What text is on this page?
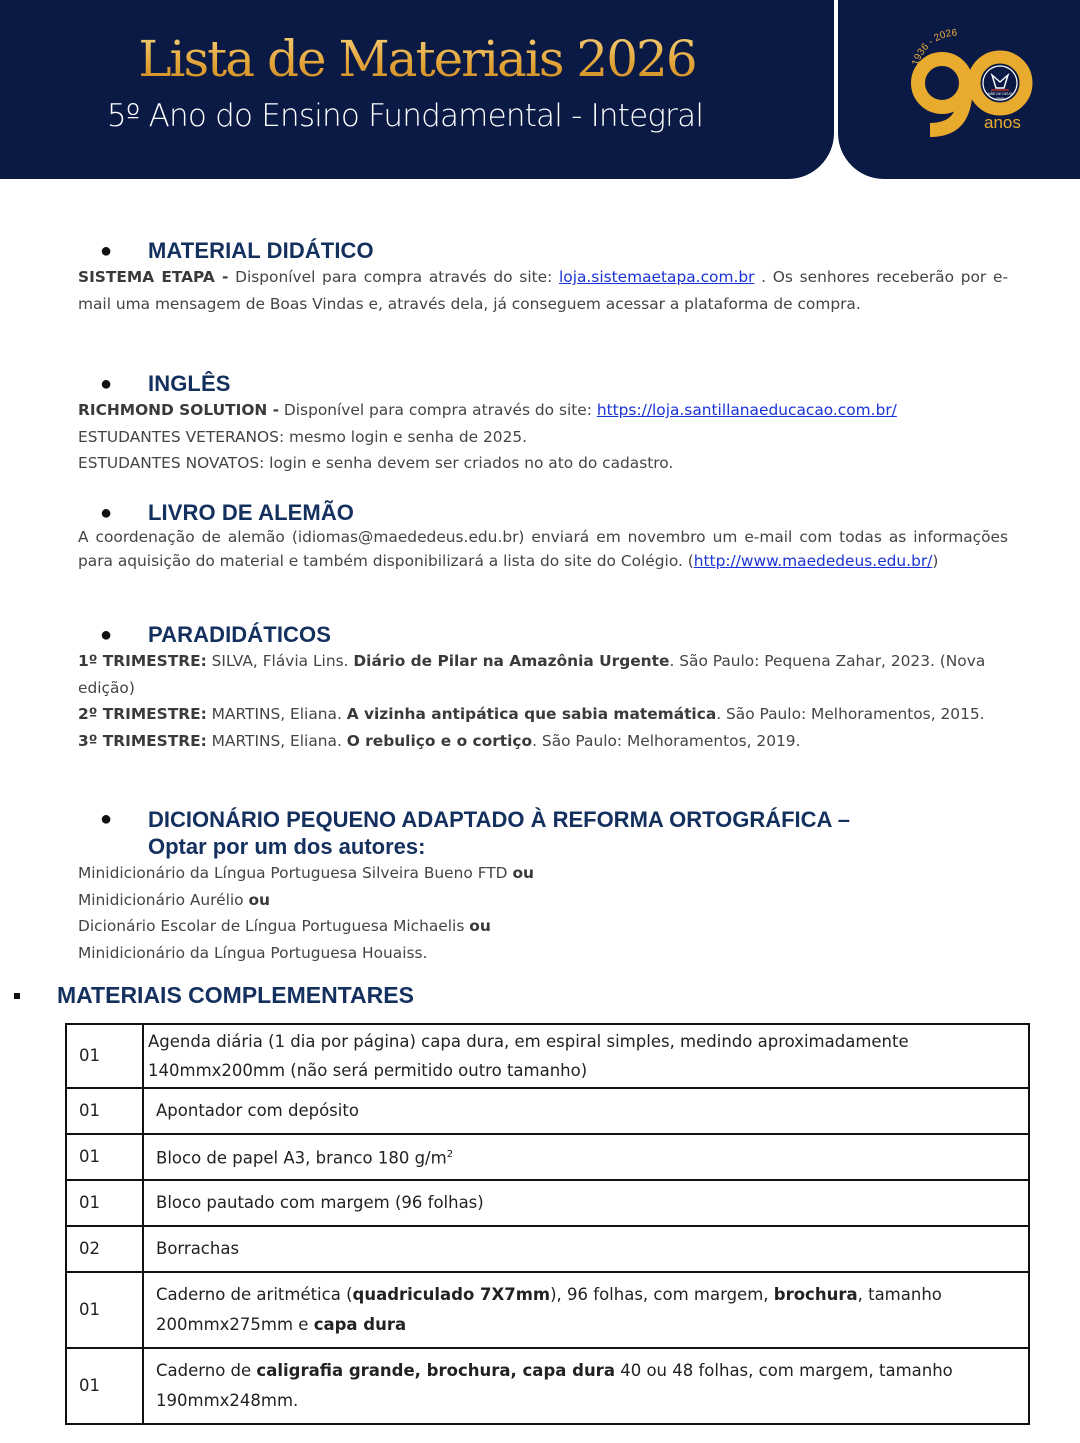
Lista de Materiais 2026
5º Ano do Ensino Fundamental - Integral
1936 - 2026
MÃE DE DEUS
colégio
anos
●	MATERIAL DIDÁTICO

SISTEMA ETAPA - Disponível para compra através do site: loja.sistemaetapa.com.br . Os senhores receberão por e-mail uma mensagem de Boas Vindas e, através dela, já conseguem acessar a plataforma de compra.

●	INGLÊS

RICHMOND SOLUTION - Disponível para compra através do site: https://loja.santillanaeducacao.com.br/
ESTUDANTES VETERANOS: mesmo login e senha de 2025.
ESTUDANTES NOVATOS: login e senha devem ser criados no ato do cadastro.

●	LIVRO DE ALEMÃO

A coordenação de alemão (idiomas@maededeus.edu.br) enviará em novembro um e-mail com todas as informações para aquisição do material e também disponibilizará a lista do site do Colégio. (http://www.maededeus.edu.br/)

●	PARADIDÁTICOS

1º TRIMESTRE: SILVA, Flávia Lins. Diário de Pilar na Amazônia Urgente. São Paulo: Pequena Zahar, 2023. (Nova edição)

2º TRIMESTRE: MARTINS, Eliana. A vizinha antipática que sabia matemática. São Paulo: Melhoramentos, 2015.

3º TRIMESTRE: MARTINS, Eliana. O rebuliço e o cortiço. São Paulo: Melhoramentos, 2019.

●	DICIONÁRIO PEQUENO ADAPTADO À REFORMA ORTOGRÁFICA –
Optar por um dos autores:

Minidicionário da Língua Portuguesa Silveira Bueno FTD ou

Minidicionário Aurélio ou

Dicionário Escolar de Língua Portuguesa Michaelis ou

Minidicionário da Língua Portuguesa Houaiss.

MATERIAIS COMPLEMENTARES
01	Agenda diária (1 dia por página) capa dura, em espiral simples, medindo aproximadamente 140mmx200mm (não será permitido outro tamanho)
01	Apontador com depósito
01	Bloco de papel A3, branco 180 $g/m^2$
01	Bloco pautado com margem (96 folhas)
02	Borrachas
01	Caderno de aritmética (quadriculado 7X7mm), 96 folhas, com margem, brochura, tamanho 200mmx275mm e capa dura
01	Caderno de caligrafia grande, brochura, capa dura 40 ou 48 folhas, com margem, tamanho 190mmx248mm.
